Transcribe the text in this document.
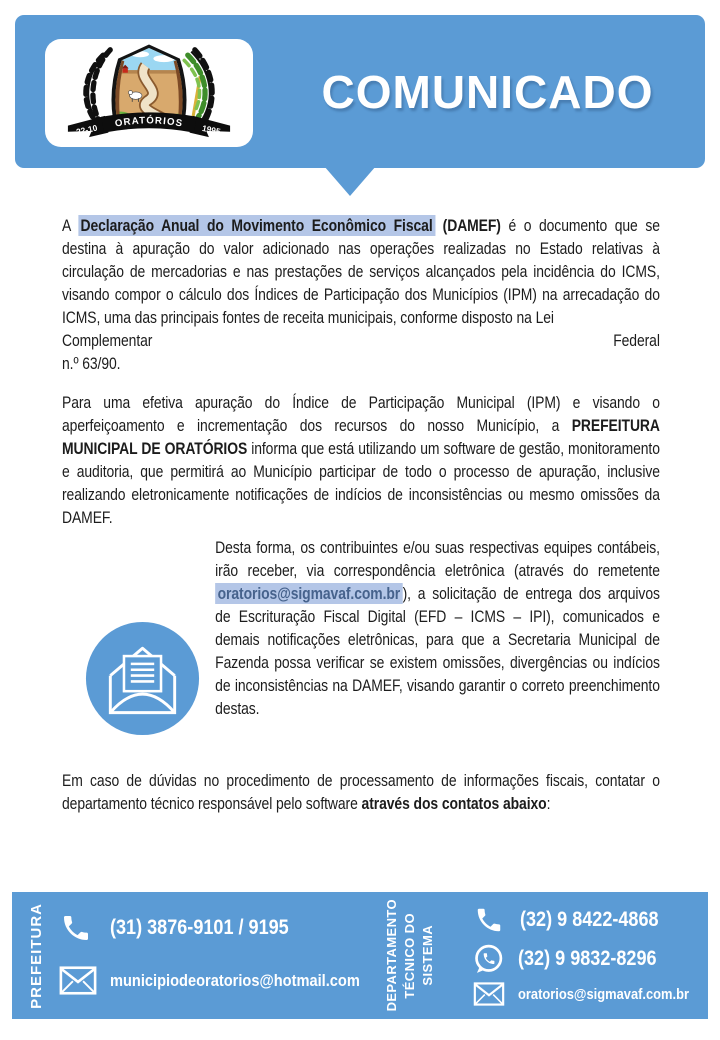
ORATÓRIOS
· MG ·
22-10	1995
COMUNICADO

A Declaração Anual do Movimento Econômico Fiscal (DAMEF) é o documento que se destina à apuração do valor adicionado nas operações realizadas no Estado relativas à circulação de mercadorias e nas prestações de serviços alcançados pela incidência do ICMS, visando compor o cálculo dos Índices de Participação dos Municípios (IPM) na arrecadação do ICMS, uma das principais fontes de receita municipais, conforme disposto na Lei

Complementar	Federal
n.º 63/90.

Para uma efetiva apuração do Índice de Participação Municipal (IPM) e visando o aperfeiçoamento e incrementação dos recursos do nosso Município, a PREFEITURA MUNICIPAL DE ORATÓRIOS informa que está utilizando um software de gestão, monitoramento e auditoria, que permitirá ao Município participar de todo o processo de apuração, inclusive realizando eletronicamente notificações de indícios de inconsistências ou mesmo omissões da DAMEF.

Desta forma, os contribuintes e/ou suas respectivas equipes contábeis, irão receber, via correspondência eletrônica (através do remetente oratorios@sigmavaf.com.br ), a solicitação de entrega dos arquivos de Escrituração Fiscal Digital (EFD – ICMS – IPI), comunicados e demais notificações eletrônicas, para que a Secretaria Municipal de Fazenda possa verificar se existem omissões, divergências ou indícios de inconsistências na DAMEF, visando garantir o correto preenchimento destas.

Em caso de dúvidas no procedimento de processamento de informações fiscais, contatar o departamento técnico responsável pelo software através dos contatos abaixo:

PREFEITURA	(31) 3876-9101 / 9195
municipiodeoratorios@hotmail.com DEPARTAMENTO TÉCNICO DO SISTEMA
(32) 9 8422-4868
(32) 9 9832-8296
oratorios@sigmavaf.com.br
